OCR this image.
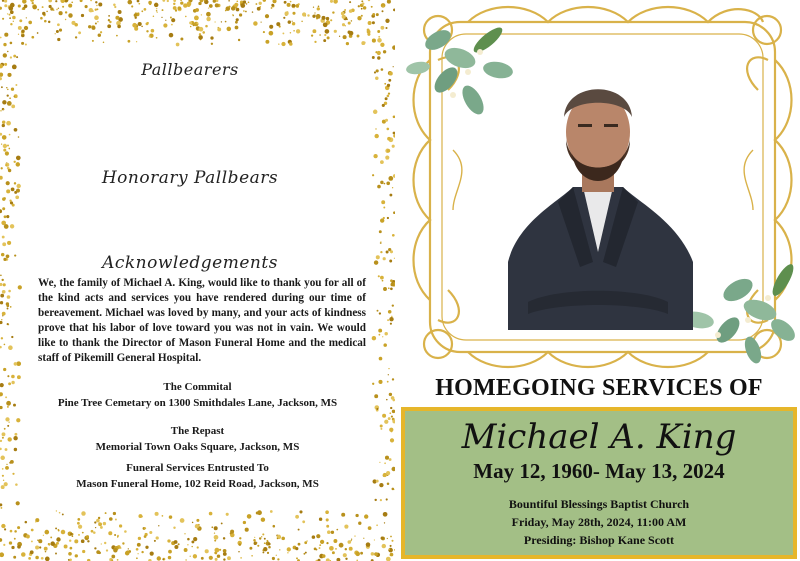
Pallbearers
Honorary Pallbears
Acknowledgements

We, the family of Michael A. King, would like to thank you for all of the kind acts and services you have rendered during our time of bereavement. Michael was loved by many, and your acts of kindness prove that his labor of love toward you was not in vain. We would like to thank the Director of Mason Funeral Home and the medical staff of Pikemill General Hospital.

The Commital
Pine Tree Cemetary on 1300 Smithdales Lane, Jackson, MS
The Repast
Memorial Town Oaks Square, Jackson, MS
Funeral Services Entrusted To
Mason Funeral Home, 102 Reid Road, Jackson, MS
HOMEGOING SERVICES OF
Michael A. King
May 12, 1960- May 13, 2024
Bountiful Blessings Baptist Church
Friday, May 28th, 2024, 11:00 AM
Presiding: Bishop Kane Scott
